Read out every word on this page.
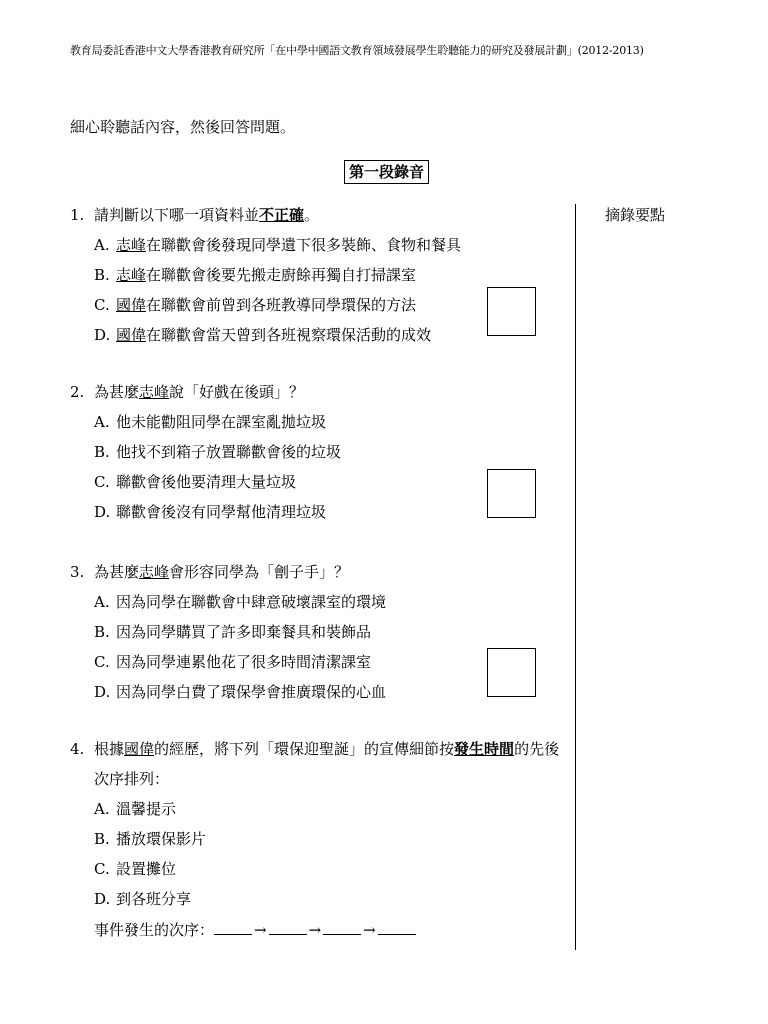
教育局委託香港中文大學香港教育研究所「在中學中國語文教育領域發展學生聆聽能力的研究及發展計劃」(2012-2013)
細心聆聽話內容，然後回答問題。
第一段錄音
摘錄要點
1. 請判斷以下哪一項資料並不正確。
A. 志峰在聯歡會後發現同學遺下很多裝飾、食物和餐具
B. 志峰在聯歡會後要先搬走廚餘再獨自打掃課室
C. 國偉在聯歡會前曾到各班教導同學環保的方法
D. 國偉在聯歡會當天曾到各班視察環保活動的成效
2. 為甚麼志峰說「好戲在後頭」？
A. 他未能勸阻同學在課室亂拋垃圾
B. 他找不到箱子放置聯歡會後的垃圾
C. 聯歡會後他要清理大量垃圾
D. 聯歡會後沒有同學幫他清理垃圾
3. 為甚麼志峰會形容同學為「劊子手」？
A. 因為同學在聯歡會中肆意破壞課室的環境
B. 因為同學購買了許多即棄餐具和裝飾品
C. 因為同學連累他花了很多時間清潔課室
D. 因為同學白費了環保學會推廣環保的心血
4. 根據國偉的經歷，將下列「環保迎聖誕」的宣傳細節按發生時間的先後
次序排列：
A. 溫馨提示
B. 播放環保影片
C. 設置攤位
D. 到各班分享
事件發生的次序：	→	→	→
